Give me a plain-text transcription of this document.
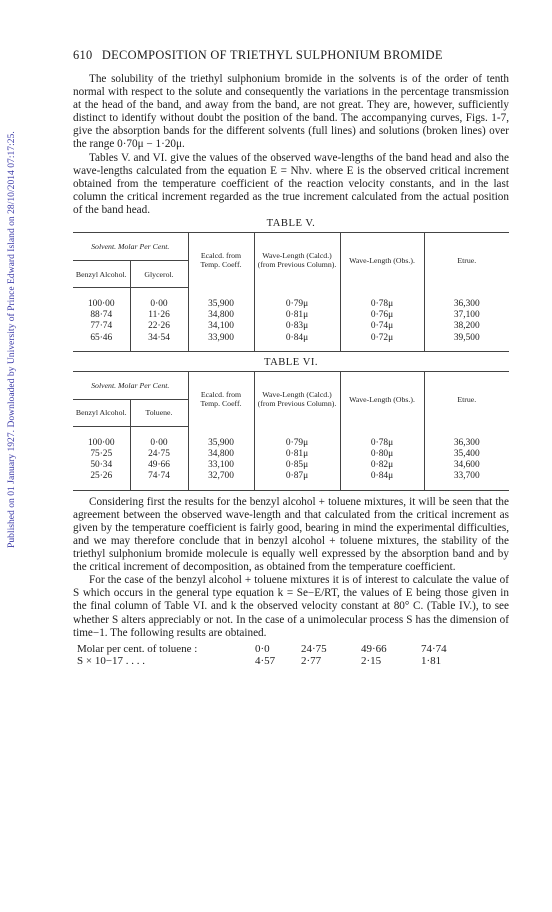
Published on 01 January 1927. Downloaded by University of Prince Edward Island on 28/10/2014 07:17:25.
610 DECOMPOSITION OF TRIETHYL SULPHONIUM BROMIDE

The solubility of the triethyl sulphonium bromide in the solvents is of the order of tenth normal with respect to the solute and consequently the variations in the percentage transmission at the head of the band, and away from the band, are not great. They are, however, sufficiently distinct to identify without doubt the position of the band. The accompanying curves, Figs. 1-7, give the absorption bands for the different solvents (full lines) and solutions (broken lines) over the range 0·70μ − 1·20μ.

Tables V. and VI. give the values of the observed wave-lengths of the band head and also the wave-lengths calculated from the equation E = Nhν. where E is the observed critical increment obtained from the temperature coefficient of the reaction velocity constants, and in the last column the critical increment regarded as the true increment calculated from the actual position of the band head.

TABLE V.
Solvent. Molar Per Cent.		Ecalcd. from Temp. Coeff.	Wave-Length (Calcd.) (from Previous Column).	Wave-Length (Obs.).	Etrue.
Benzyl Alcohol.	Glycerol.				
100·00	0·00	35,900	0·79μ	0·78μ	36,300
88·74	11·26	34,800	0·81μ	0·76μ	37,100
77·74	22·26	34,100	0·83μ	0·74μ	38,200
65·46	34·54	33,900	0·84μ	0·72μ	39,500
TABLE VI.
Solvent. Molar Per Cent.		Ecalcd. from Temp. Coeff.	Wave-Length (Calcd.) (from Previous Column).	Wave-Length (Obs.).	Etrue.
Benzyl Alcohol.	Toluene.				
100·00	0·00	35,900	0·79μ	0·78μ	36,300
75·25	24·75	34,800	0·81μ	0·80μ	35,400
50·34	49·66	33,100	0·85μ	0·82μ	34,600
25·26	74·74	32,700	0·87μ	0·84μ	33,700

Considering first the results for the benzyl alcohol + toluene mixtures, it will be seen that the agreement between the observed wave-length and that calculated from the critical increment as given by the temperature coefficient is fairly good, bearing in mind the experimental difficulties, and we may therefore conclude that in benzyl alcohol + toluene mixtures, the stability of the triethyl sulphonium bromide molecule is equally well expressed by the absorption band and by the critical increment of decomposition, as obtained from the temperature coefficient.

For the case of the benzyl alcohol + toluene mixtures it is of interest to calculate the value of S which occurs in the general type equation k = Se−E/RT, the values of E being those given in the final column of Table VI. and k the observed velocity constant at 80° C. (Table IV.), to see whether S alters appreciably or not. In the case of a unimolecular process S has the dimension of time−1. The following results are obtained.

Molar per cent. of toluene :	0·0	24·75	49·66	74·74
S × 10−17 . . . .	4·57	2·77	2·15	1·81
